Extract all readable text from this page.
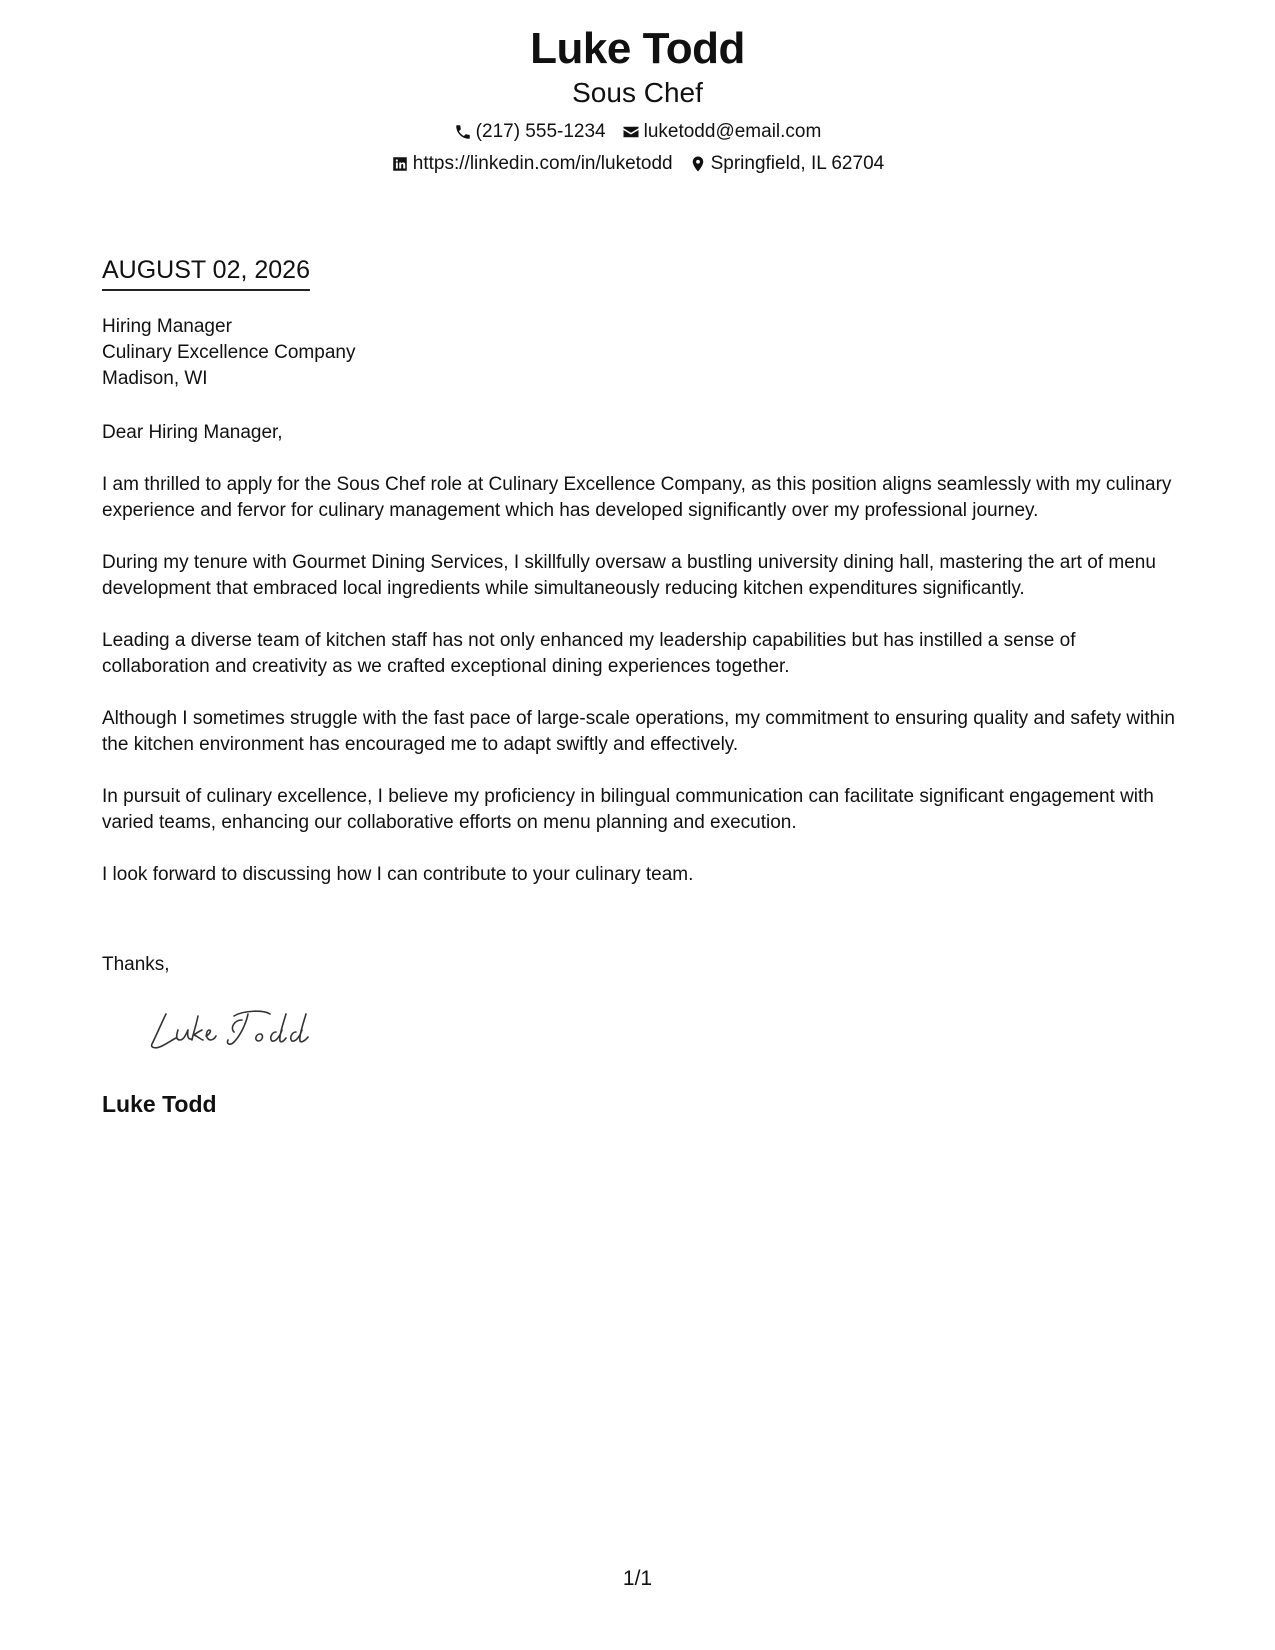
Luke Todd
Sous Chef
(217) 555-1234 luketodd@email.com
https://linkedin.com/in/luketodd Springfield, IL 62704
AUGUST 02, 2026
Hiring Manager
Culinary Excellence Company
Madison, WI

Dear Hiring Manager,

I am thrilled to apply for the Sous Chef role at Culinary Excellence Company, as this position aligns seamlessly with my culinary experience and fervor for culinary management which has developed significantly over my professional journey.

During my tenure with Gourmet Dining Services, I skillfully oversaw a bustling university dining hall, mastering the art of menu development that embraced local ingredients while simultaneously reducing kitchen expenditures significantly.

Leading a diverse team of kitchen staff has not only enhanced my leadership capabilities but has instilled a sense of collaboration and creativity as we crafted exceptional dining experiences together.

Although I sometimes struggle with the fast pace of large-scale operations, my commitment to ensuring quality and safety within the kitchen environment has encouraged me to adapt swiftly and effectively.

In pursuit of culinary excellence, I believe my proficiency in bilingual communication can facilitate significant engagement with varied teams, enhancing our collaborative efforts on menu planning and execution.

I look forward to discussing how I can contribute to your culinary team.

Thanks,
Luke Todd
1/1
